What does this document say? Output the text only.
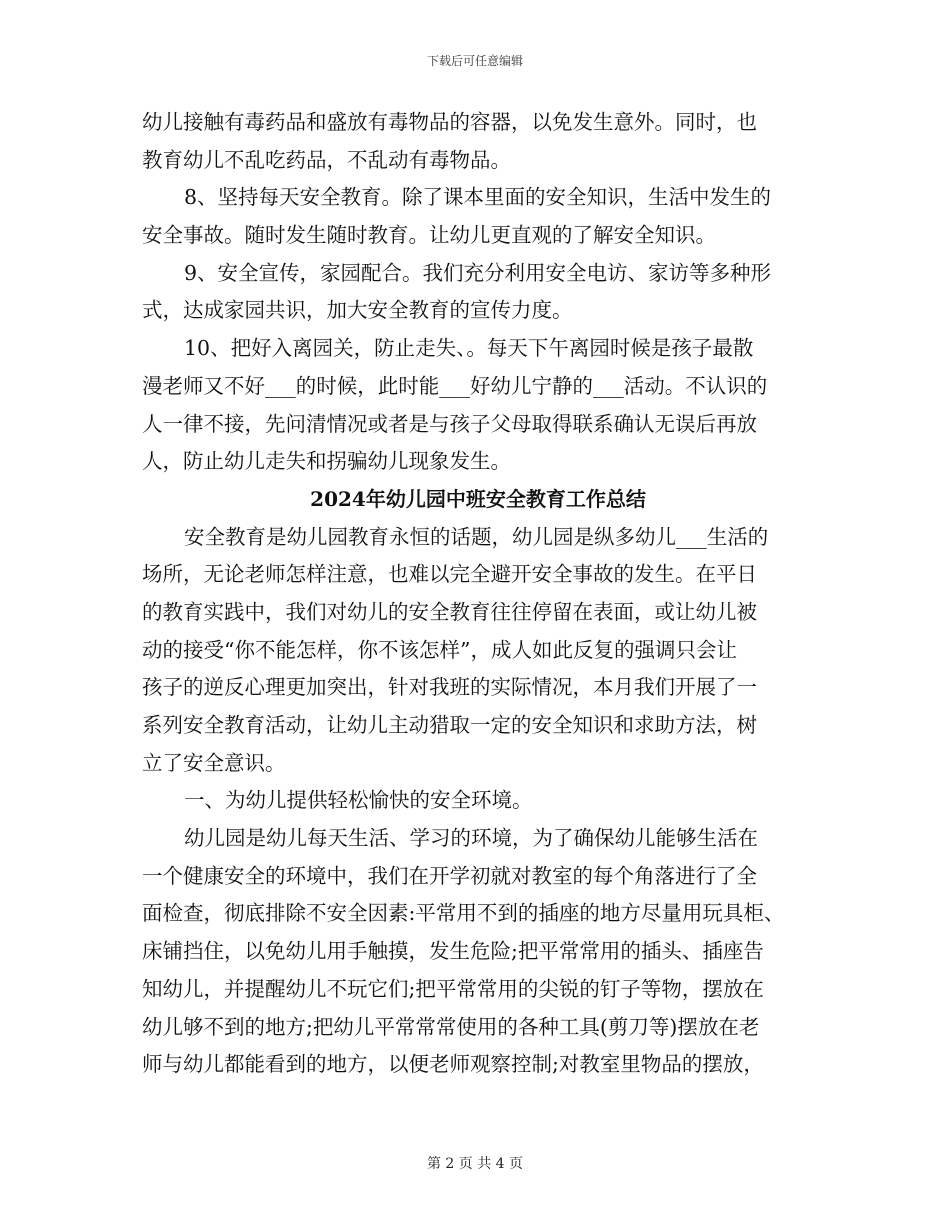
下载后可任意编辑
幼儿接触有毒药品和盛放有毒物品的容器，以免发生意外。同时，也
教育幼儿不乱吃药品，不乱动有毒物品。
8、坚持每天安全教育。除了课本里面的安全知识，生活中发生的
安全事故。随时发生随时教育。让幼儿更直观的了解安全知识。
9、安全宣传，家园配合。我们充分利用安全电访、家访等多种形
式，达成家园共识，加大安全教育的宣传力度。
10、把好入离园关，防止走失、。每天下午离园时候是孩子最散
漫老师又不好___的时候，此时能___好幼儿宁静的___活动。不认识的
人一律不接，先问清情况或者是与孩子父母取得联系确认无误后再放
人，防止幼儿走失和拐骗幼儿现象发生。
2024年幼儿园中班安全教育工作总结
安全教育是幼儿园教育永恒的话题，幼儿园是纵多幼儿___生活的
场所，无论老师怎样注意，也难以完全避开安全事故的发生。在平日
的教育实践中，我们对幼儿的安全教育往往停留在表面，或让幼儿被
动的接受“你不能怎样，你不该怎样”，成人如此反复的强调只会让
孩子的逆反心理更加突出，针对我班的实际情况，本月我们开展了一
系列安全教育活动，让幼儿主动猎取一定的安全知识和求助方法，树
立了安全意识。
一、为幼儿提供轻松愉快的安全环境。
幼儿园是幼儿每天生活、学习的环境，为了确保幼儿能够生活在
一个健康安全的环境中，我们在开学初就对教室的每个角落进行了全
面检查，彻底排除不安全因素:平常用不到的插座的地方尽量用玩具柜、
床铺挡住，以免幼儿用手触摸，发生危险;把平常常用的插头、插座告
知幼儿，并提醒幼儿不玩它们;把平常常用的尖锐的钉子等物，摆放在
幼儿够不到的地方;把幼儿平常常常使用的各种工具(剪刀等)摆放在老
师与幼儿都能看到的地方，以便老师观察控制;对教室里物品的摆放，
第 2 页 共 4 页
